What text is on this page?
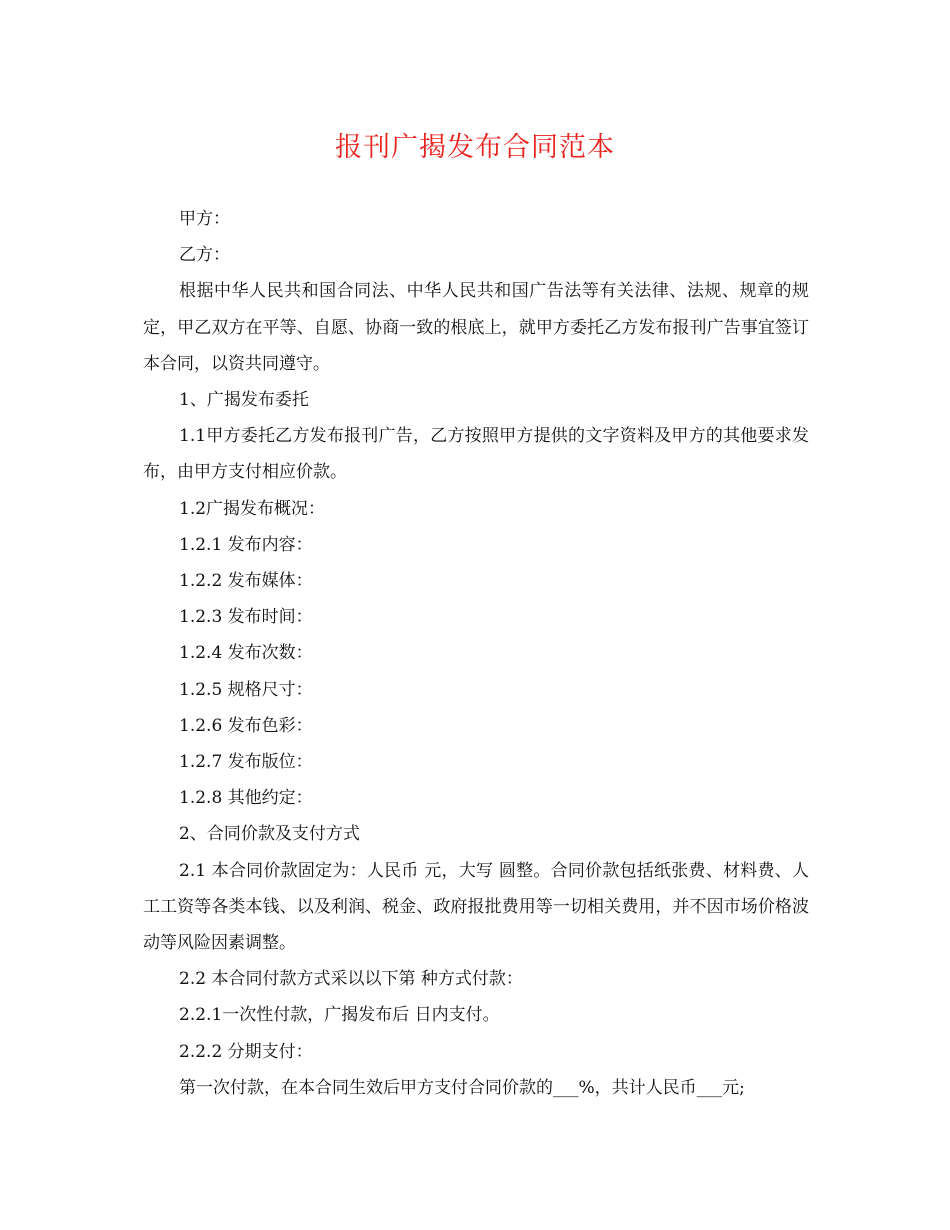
报刊广揭发布合同范本

甲方：

乙方：

根据中华人民共和国合同法、中华人民共和国广告法等有关法律、法规、规章的规定，甲乙双方在平等、自愿、协商一致的根底上，就甲方委托乙方发布报刊广告事宜签订本合同，以资共同遵守。

1、广揭发布委托

1.1甲方委托乙方发布报刊广告，乙方按照甲方提供的文字资料及甲方的其他要求发布，由甲方支付相应价款。

1.2广揭发布概况：

1.2.1 发布内容：

1.2.2 发布媒体：

1.2.3 发布时间：

1.2.4 发布次数：

1.2.5 规格尺寸：

1.2.6 发布色彩：

1.2.7 发布版位：

1.2.8 其他约定：

2、合同价款及支付方式

2.1 本合同价款固定为：人民币 元，大写 圆整。合同价款包括纸张费、材料费、人工工资等各类本钱、以及利润、税金、政府报批费用等一切相关费用，并不因市场价格波动等风险因素调整。

2.2 本合同付款方式采以以下第 种方式付款：

2.2.1一次性付款，广揭发布后 日内支付。

2.2.2 分期支付：

第一次付款，在本合同生效后甲方支付合同价款的___%，共计人民币___元;
